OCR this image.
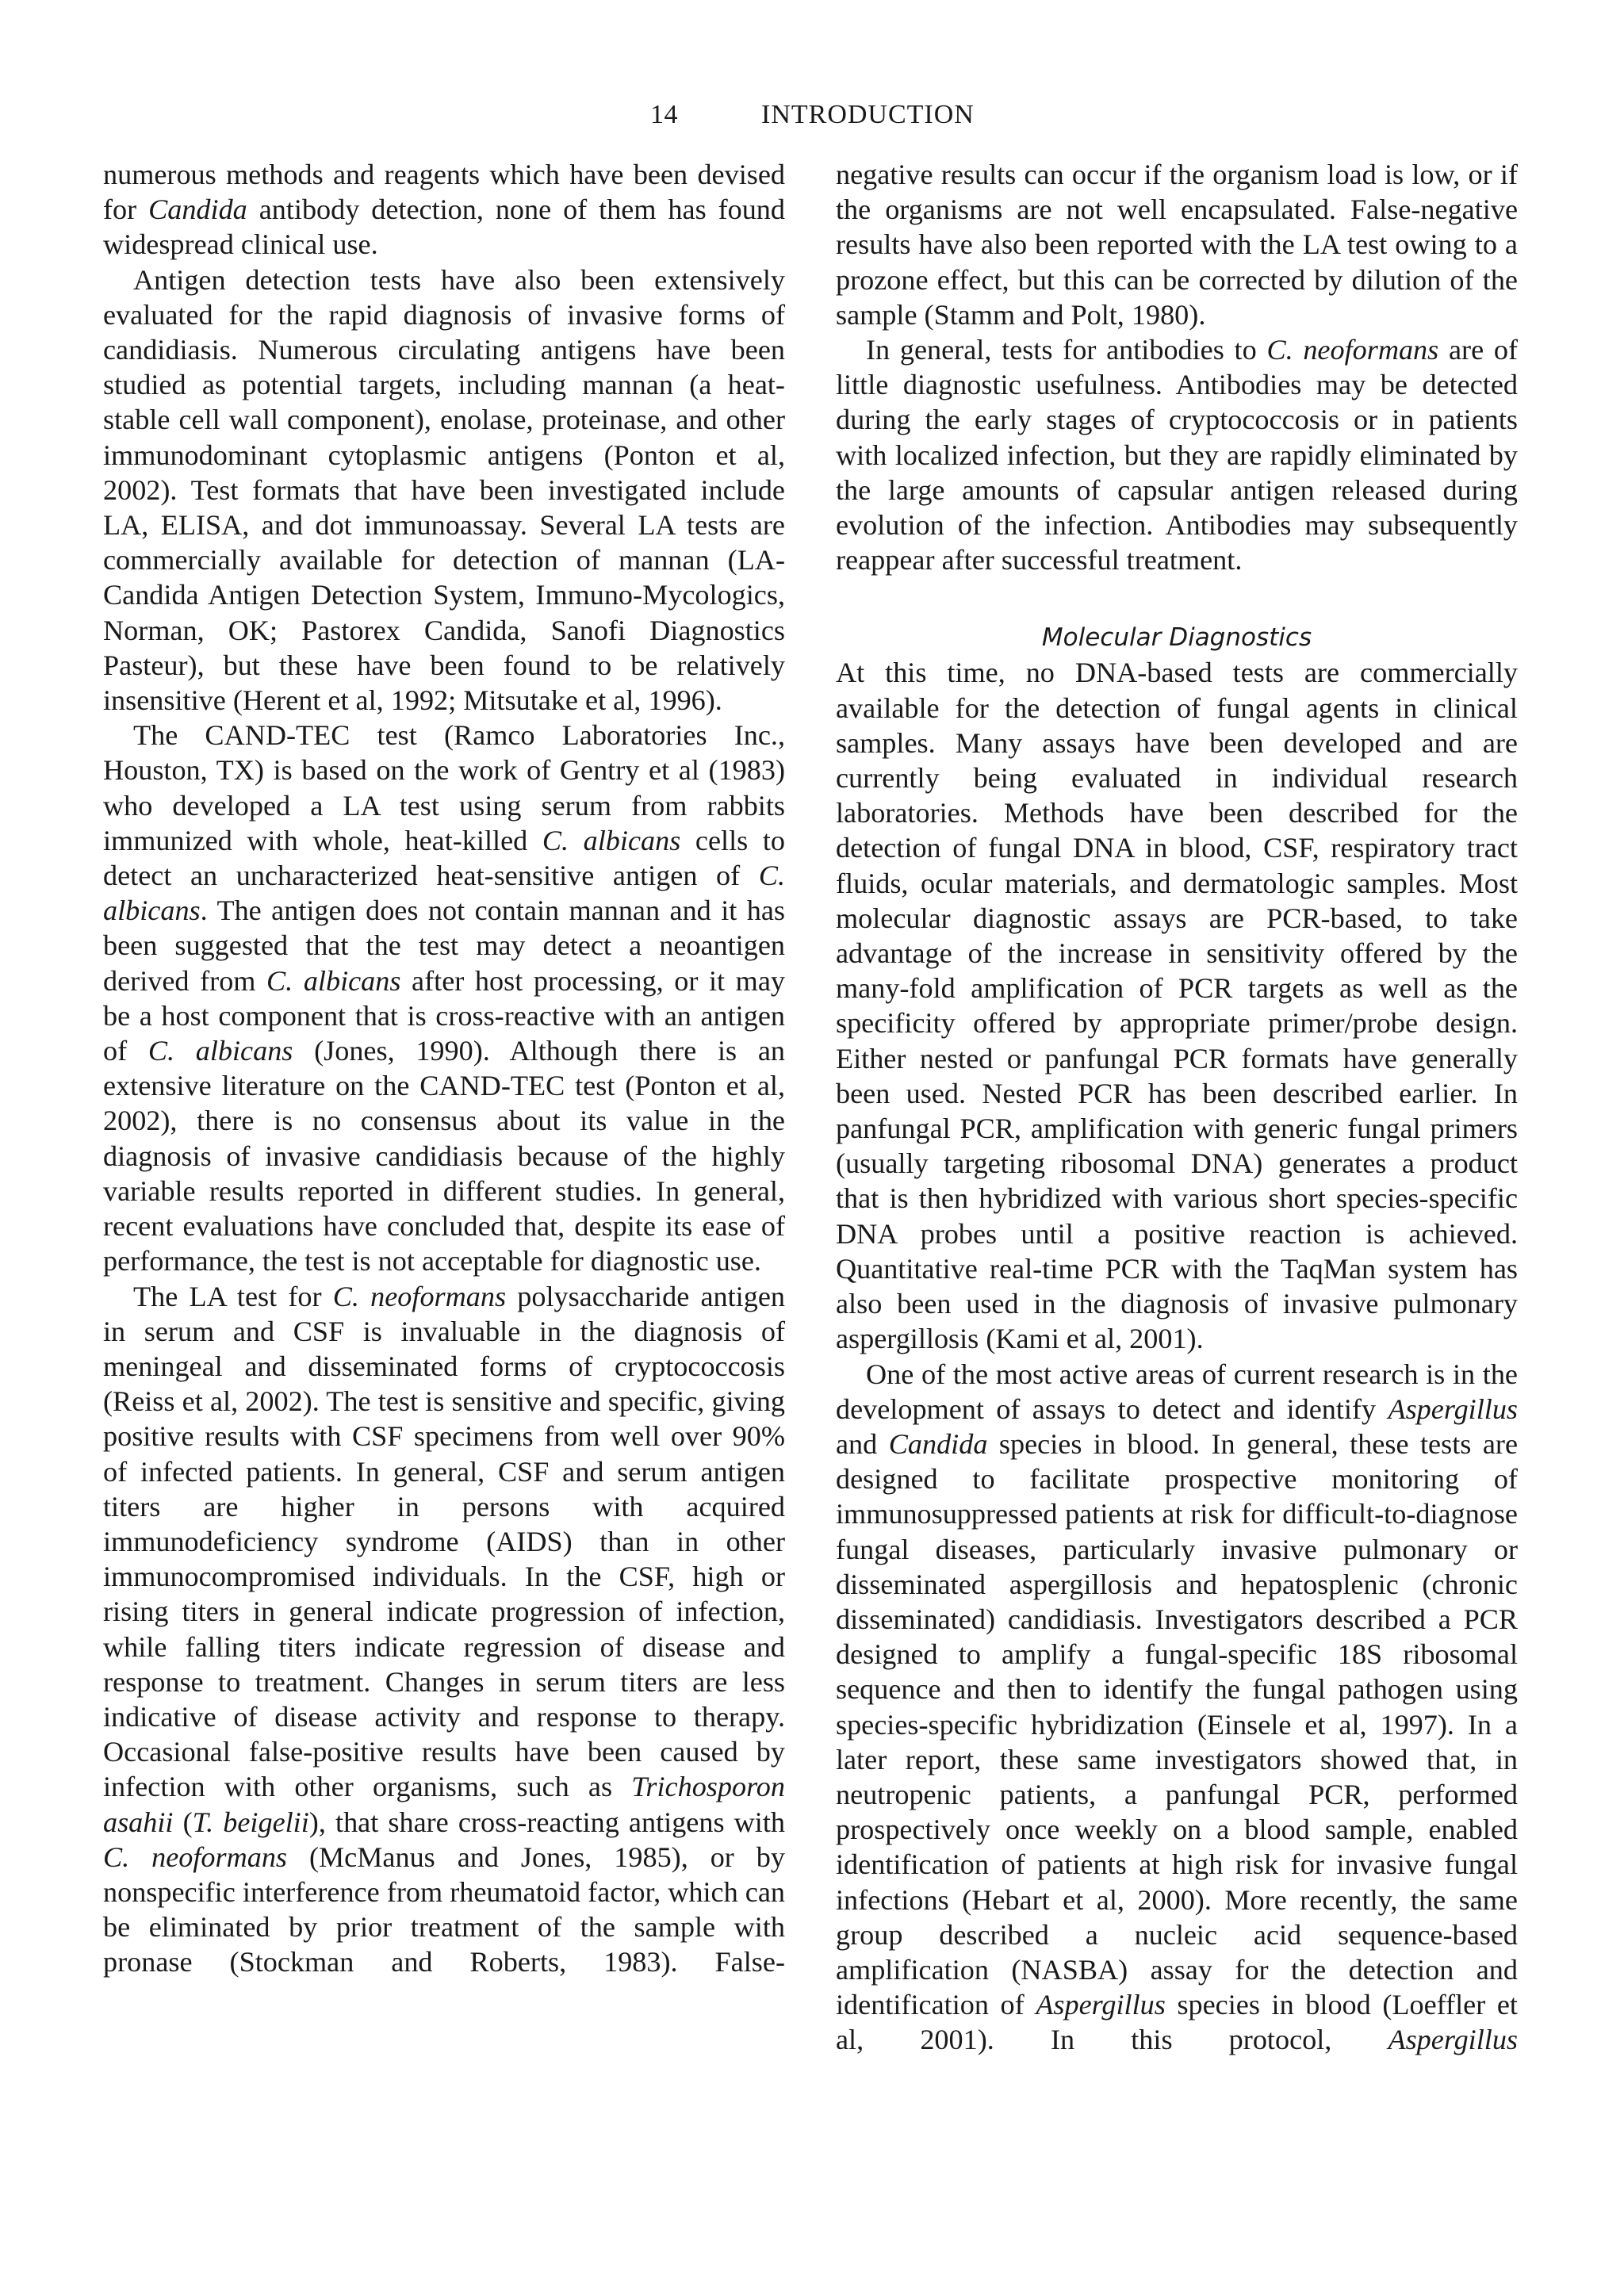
14	INTRODUCTION

numerous methods and reagents which have been devised for Candida antibody detection, none of them has found widespread clinical use.

Antigen detection tests have also been extensively evaluated for the rapid diagnosis of invasive forms of candidiasis. Numerous circulating antigens have been studied as potential targets, including mannan (a heat-stable cell wall component), enolase, proteinase, and other immunodominant cytoplasmic antigens (Ponton et al, 2002). Test formats that have been investigated include LA, ELISA, and dot immunoassay. Several LA tests are commercially available for detection of mannan (LA-Candida Antigen Detection System, Immuno-Mycologics, Norman, OK; Pastorex Candida, Sanofi Diagnostics Pasteur), but these have been found to be relatively insensitive (Herent et al, 1992; Mitsutake et al, 1996).

The CAND-TEC test (Ramco Laboratories Inc., Houston, TX) is based on the work of Gentry et al (1983) who developed a LA test using serum from rabbits immunized with whole, heat-killed C. albicans cells to detect an uncharacterized heat-sensitive antigen of C. albicans. The antigen does not contain mannan and it has been suggested that the test may detect a neoantigen derived from C. albicans after host processing, or it may be a host component that is cross-reactive with an antigen of C. albicans (Jones, 1990). Although there is an extensive literature on the CAND-TEC test (Ponton et al, 2002), there is no consensus about its value in the diagnosis of invasive candidiasis because of the highly variable results reported in different studies. In general, recent evaluations have concluded that, despite its ease of performance, the test is not acceptable for diagnostic use.

The LA test for C. neoformans polysaccharide antigen in serum and CSF is invaluable in the diagnosis of meningeal and disseminated forms of cryptococcosis (Reiss et al, 2002). The test is sensitive and specific, giving positive results with CSF specimens from well over 90% of infected patients. In general, CSF and serum antigen titers are higher in persons with acquired immunodeficiency syndrome (AIDS) than in other immunocompromised individuals. In the CSF, high or rising titers in general indicate progression of infection, while falling titers indicate regression of disease and response to treatment. Changes in serum titers are less indicative of disease activity and response to therapy. Occasional false-positive results have been caused by infection with other organisms, such as Trichosporon asahii (T. beigelii), that share cross-reacting antigens with C. neoformans (McManus and Jones, 1985), or by nonspecific interference from rheumatoid factor, which can be eliminated by prior treatment of the sample with pronase (Stockman and Roberts, 1983). False-

negative results can occur if the organism load is low, or if the organisms are not well encapsulated. False-negative results have also been reported with the LA test owing to a prozone effect, but this can be corrected by dilution of the sample (Stamm and Polt, 1980).

In general, tests for antibodies to C. neoformans are of little diagnostic usefulness. Antibodies may be detected during the early stages of cryptococcosis or in patients with localized infection, but they are rapidly eliminated by the large amounts of capsular antigen released during evolution of the infection. Antibodies may subsequently reappear after successful treatment.

Molecular Diagnostics

At this time, no DNA-based tests are commercially available for the detection of fungal agents in clinical samples. Many assays have been developed and are currently being evaluated in individual research laboratories. Methods have been described for the detection of fungal DNA in blood, CSF, respiratory tract fluids, ocular materials, and dermatologic samples. Most molecular diagnostic assays are PCR-based, to take advantage of the increase in sensitivity offered by the many-fold amplification of PCR targets as well as the specificity offered by appropriate primer/probe design. Either nested or panfungal PCR formats have generally been used. Nested PCR has been described earlier. In panfungal PCR, amplification with generic fungal primers (usually targeting ribosomal DNA) generates a product that is then hybridized with various short species-specific DNA probes until a positive reaction is achieved. Quantitative real-time PCR with the TaqMan system has also been used in the diagnosis of invasive pulmonary aspergillosis (Kami et al, 2001).

One of the most active areas of current research is in the development of assays to detect and identify Aspergillus and Candida species in blood. In general, these tests are designed to facilitate prospective monitoring of immunosuppressed patients at risk for difficult-to-diagnose fungal diseases, particularly invasive pulmonary or disseminated aspergillosis and hepatosplenic (chronic disseminated) candidiasis. Investigators described a PCR designed to amplify a fungal-specific 18S ribosomal sequence and then to identify the fungal pathogen using species-specific hybridization (Einsele et al, 1997). In a later report, these same investigators showed that, in neutropenic patients, a panfungal PCR, performed prospectively once weekly on a blood sample, enabled identification of patients at high risk for invasive fungal infections (Hebart et al, 2000). More recently, the same group described a nucleic acid sequence-based amplification (NASBA) assay for the detection and identification of Aspergillus species in blood (Loeffler et al, 2001). In this protocol, Aspergillus
